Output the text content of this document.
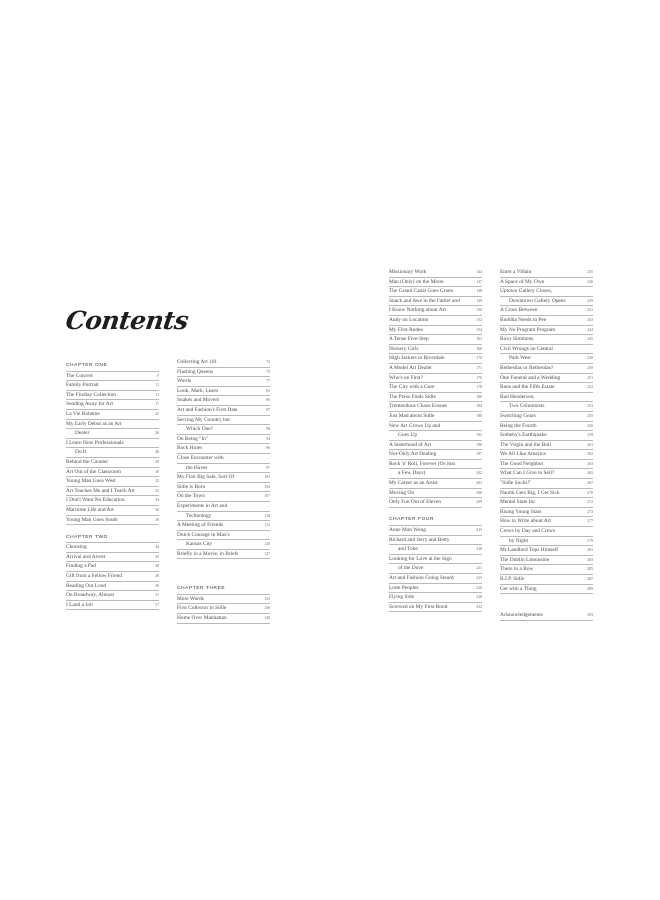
Contents
CHAPTER ONE
The Concert	9
Family Portrait	11
The Findlay Collection	11
Sending Away for Art	17
La Vie Bohème	22
My Early Debut as an Art
Dealer	26
I Learn How Professionals
Do It	28
Behind the Counter	29
Art Out of the Classroom	30
Young Man Goes West	32
Art Teaches Me and I Teach Art	33
I Don't Want No Education	34
Maritime Life and Art	36
Young Man Goes South	39
CHAPTER TWO
Choosing	44
Arrival and Arrest	45
Finding a Pad	48
Gift from a Fellow Friend	49
Reading Out Loud	50
On Broadway, Almost	51
I Land a Job	57
Collecting Art 101	73
Flashing Queens	75
Words	77
Look, Mark, Learn	83
Snakes and Movers	86
Art and Fashion's First Date	87
Serving My Country but
Which One?	90
On Being "In"	94
Rock Holes	96
Close Encounter with
the Haves	97
My First Big Sale, Sort Of	103
Sidle is Born	104
On the Town	107
Experiments in Art and
Technology	110
A Meeting of Friends	112
Dutch Courage in Max's
Kansas City	120
Briefly in a Movie, in Briefs	127
CHAPTER THREE
More Words	132
First Collector in Sidle	136
Home Over Manhattan	140
Missionary Work	144
Man (Only) on the Moon	147
The Grand Canal Goes Green	148
Snack and Awe in the Father and	149
I Know Nothing about Art	150
Andy on Location	152
My First Rodeo	154
A Tense Five-Step	163
Nursery Girls	166
High Jackets in Riverdale	170
A Model Art Dealer	171
Who's on First?	176
The City with a Cure	178
The Press Finds Sidle	180
Tremendous Chaos Ensues	184
Just Mad about Sidle	188
New Art Grows Up and
Goes Up	192
A Sisterhood of Art	196
Not-Only Art Dealing	197
Rock 'n' Roll, Forever (Or Just
a Few Days)	202
My Career as an Artist	203
Moving On	206
Only Fun Out of Eleven	209
CHAPTER FOUR
Anne Man Wong	213
Richard and Jerry and Betty
and Tobe	218
Looking for Love at the Sign
of the Dove	221
Art and Fashion Going Steady	223
Lotte Peoples	226
Flying Side	228
Screwed on My First Bond	232
Enter a Villain	235
A Space of My Own	236
Uptown Gallery Closes,
Downtown Gallery Opens	239
A Cross Between	241
Buddha Needs to Pee	243
My No Program Program	244
Roxy Simmons	245
Civil Wrongs on Central
Park West	248
Bethesdas or Bethesdas?	250
One Funeral and a Wedding	251
Buns and the Fifth Estate	252
Bad Henderson,
Two Columnists	253
Switching Gears	255
Being the Fourth	256
Sotheby's Earthquake	259
The Virgin and the Bull	261
We All Like America	262
The Good Neighbor	263
What Can I Give to Sell?	265
"Sidle Sucks!"	267
Naomi Gets Big, I Get Sick	270
Mental State Inc	272
Rising Young Stars	273
How to Write about Art	277
Crews by Day and Crews
by Night	279
Mr Landlord Tops Himself	281
The Dublin Limousine	283
There in a Row	285
R.I.P. Sidle	287
Get with a Thing	289
Acknowledgements	293
